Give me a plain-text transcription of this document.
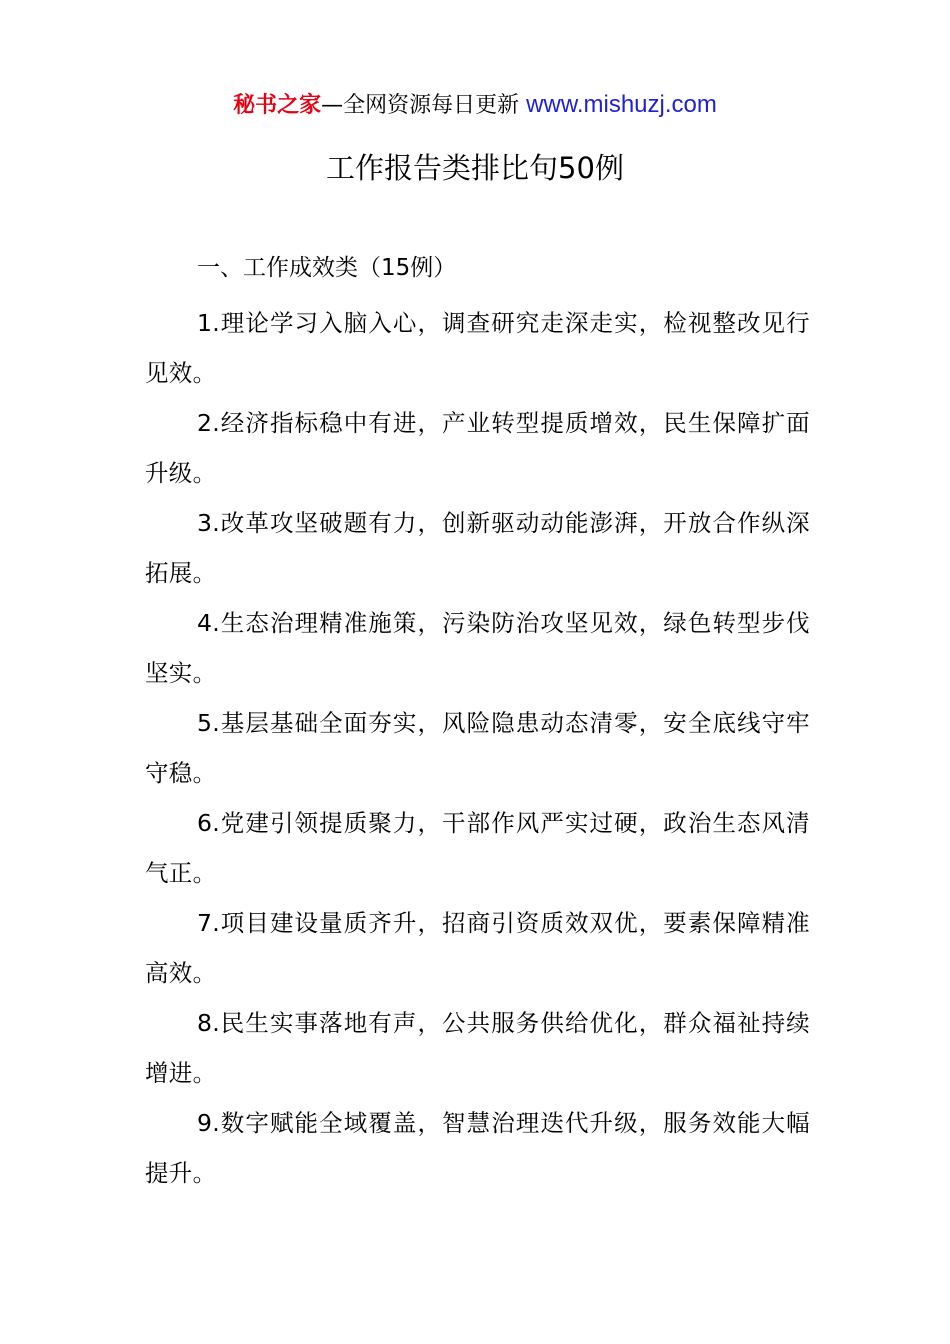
秘书之家—全网资源每日更新 www.mishuzj.com
工作报告类排比句50例
一、工作成效类（15例）

1.理论学习入脑入心，调查研究走深走实，检视整改见行见效。

2.经济指标稳中有进，产业转型提质增效，民生保障扩面升级。

3.改革攻坚破题有力，创新驱动动能澎湃，开放合作纵深拓展。

4.生态治理精准施策，污染防治攻坚见效，绿色转型步伐坚实。

5.基层基础全面夯实，风险隐患动态清零，安全底线守牢守稳。

6.党建引领提质聚力，干部作风严实过硬，政治生态风清气正。

7.项目建设量质齐升，招商引资质效双优，要素保障精准高效。

8.民生实事落地有声，公共服务供给优化，群众福祉持续增进。

9.数字赋能全域覆盖，智慧治理迭代升级，服务效能大幅提升。
